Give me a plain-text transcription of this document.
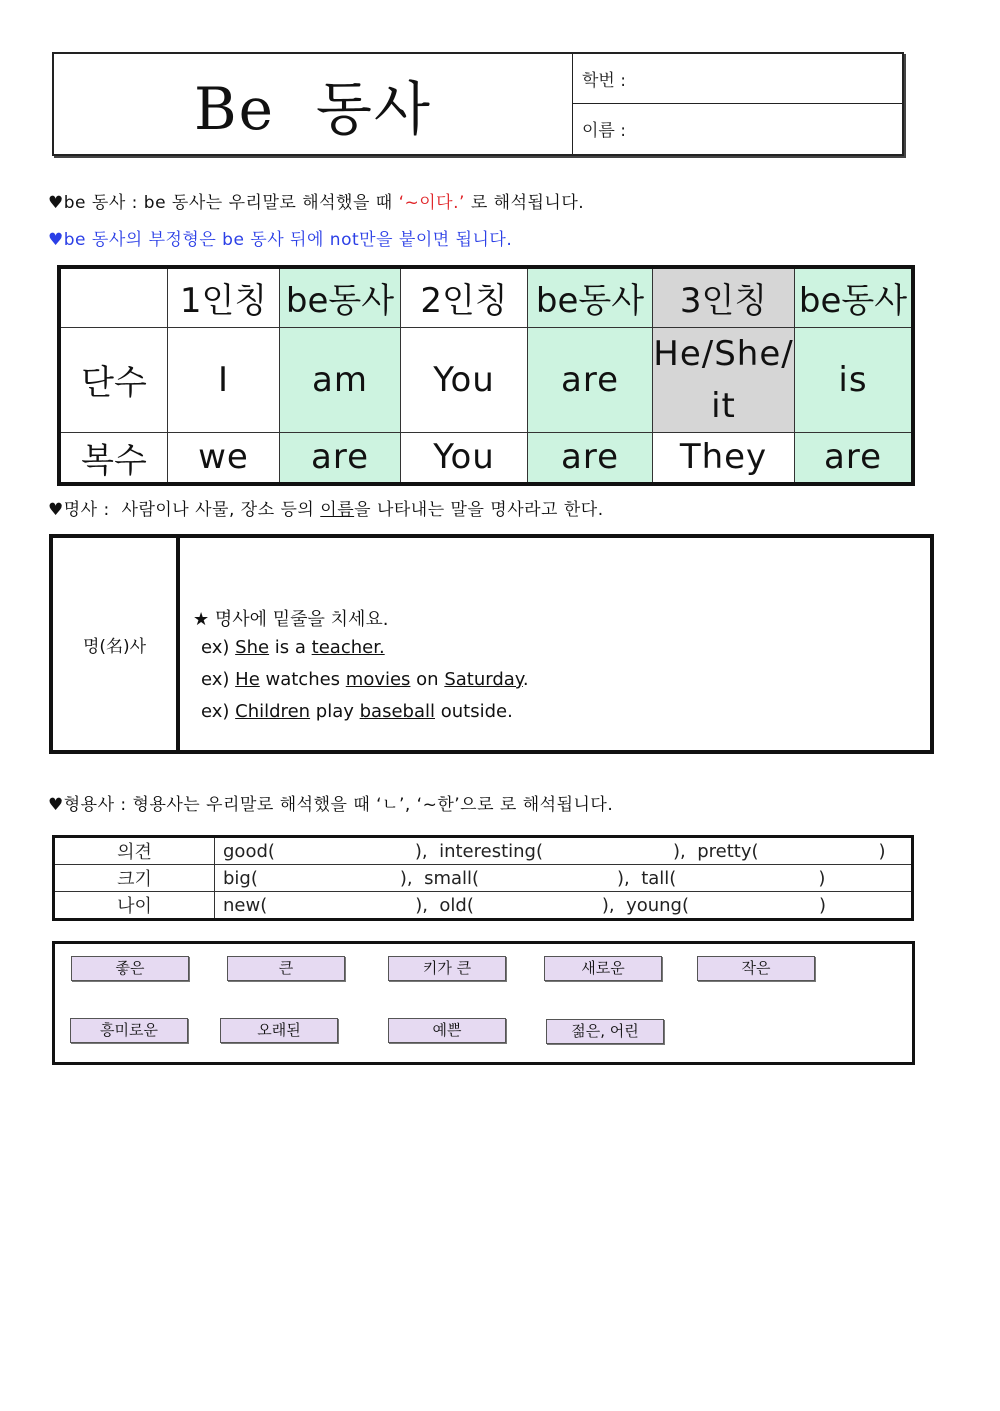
Be  동사	학번 :
이름 :
♥be 동사 : be 동사는 우리말로 해석했을 때 ‘~이다.’ 로 해석됩니다.
♥be 동사의 부정형은 be 동사 뒤에 not만을 붙이면 됩니다.
	1인칭	be동사	2인칭	be동사	3인칭	be동사
단수	I	am	You	are	He/She/ it	is
복수	we	are	You	are	They	are
♥명사 :  사람이나 사물, 장소 등의 이름을 나타내는 말을 명사라고 한다.
명(名)사
★ 명사에 밑줄을 치세요.
ex) She is a teacher.
ex) He watches movies on Saturday.
ex) Children play baseball outside.
♥형용사 : 형용사는 우리말로 해석했을 때 ‘ㄴ’, ‘~한’으로 로 해석됩니다.
의견	good( ),  interesting( ),  pretty( )
크기	big( ),  small( ),  tall( )
나이	new( ),  old( ),  young( )
좋은	큰	키가 큰	새로운	작은
흥미로운	오래된	예쁜	젊은, 어린
